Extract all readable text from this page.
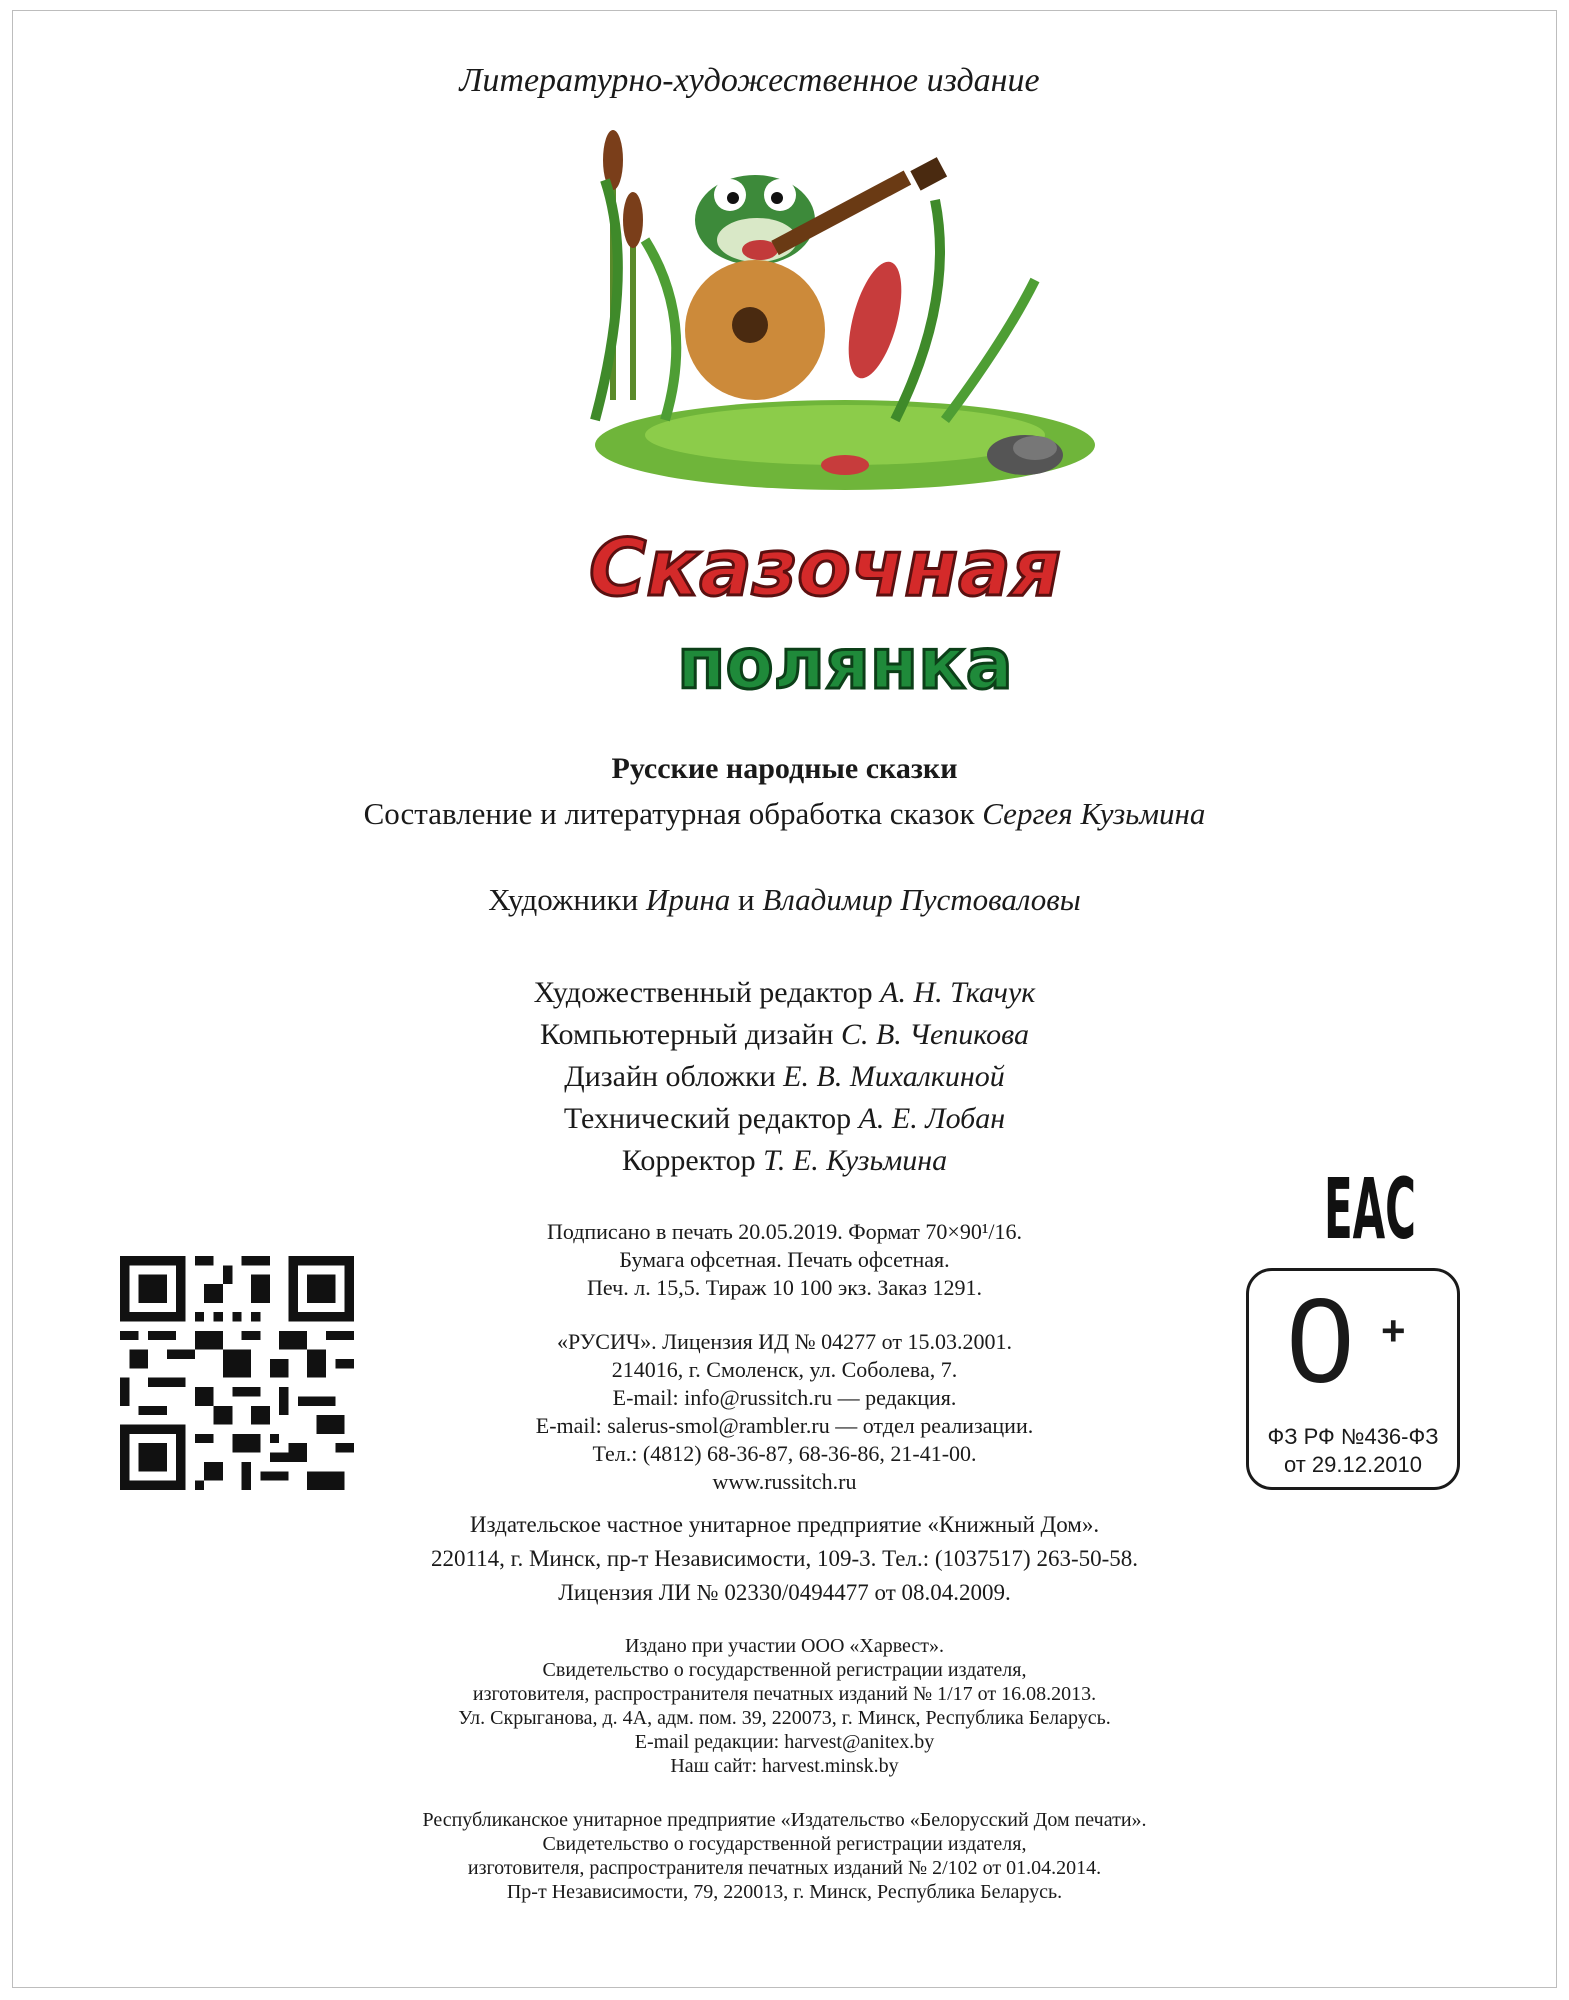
Литературно-художественное издание
Сказочная
полянка
Русские народные сказки
Составление и литературная обработка сказок Сергея Кузьмина
Художники Ирина и Владимир Пустоваловы
Художественный редактор А. Н. Ткачук
Компьютерный дизайн С. В. Чепикова
Дизайн обложки Е. В. Михалкиной
Технический редактор А. Е. Лобан
Корректор Т. Е. Кузьмина
Подписано в печать 20.05.2019. Формат 70×90¹/16.
Бумага офсетная. Печать офсетная.
Печ. л. 15,5. Тираж 10 100 экз. Заказ 1291.
«РУСИЧ». Лицензия ИД № 04277 от 15.03.2001.
214016, г. Смоленск, ул. Соболева, 7.
E-mail: info@russitch.ru — редакция.
E-mail: salerus-smol@rambler.ru — отдел реализации.
Тел.: (4812) 68-36-87, 68-36-86, 21-41-00.
www.russitch.ru
Издательское частное унитарное предприятие «Книжный Дом».
220114, г. Минск, пр-т Независимости, 109-3. Тел.: (1037517) 263-50-58.
Лицензия ЛИ № 02330/0494477 от 08.04.2009.
Издано при участии ООО «Харвест».
Свидетельство о государственной регистрации издателя,
изготовителя, распространителя печатных изданий № 1/17 от 16.08.2013.
Ул. Скрыганова, д. 4А, адм. пом. 39, 220073, г. Минск, Республика Беларусь.
E-mail редакции: harvest@anitex.by
Наш сайт: harvest.minsk.by
Республиканское унитарное предприятие «Издательство «Белорусский Дом печати».
Свидетельство о государственной регистрации издателя,
изготовителя, распространителя печатных изданий № 2/102 от 01.04.2014.
Пр-т Независимости, 79, 220013, г. Минск, Республика Беларусь.
EAC
0 +
ФЗ РФ №436-ФЗ
от 29.12.2010
